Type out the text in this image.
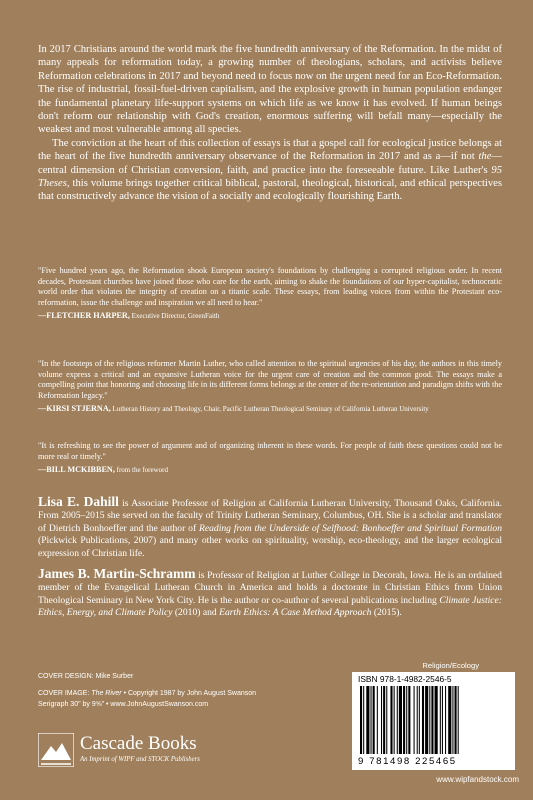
In 2017 Christians around the world mark the five hundredth anniversary of the Reformation. In the midst of many appeals for reformation today, a growing number of theologians, scholars, and activists believe Reformation celebrations in 2017 and beyond need to focus now on the urgent need for an Eco-Reformation. The rise of industrial, fossil-fuel-driven capitalism, and the explosive growth in human population endanger the fundamental planetary life-support systems on which life as we know it has evolved. If human beings don't reform our relationship with God's creation, enormous suffering will befall many—especially the weakest and most vulnerable among all species.

The conviction at the heart of this collection of essays is that a gospel call for ecological justice belongs at the heart of the five hundredth anniversary observance of the Reformation in 2017 and as a—if not the—central dimension of Christian conversion, faith, and practice into the foreseeable future. Like Luther's 95 Theses, this volume brings together critical biblical, pastoral, theological, historical, and ethical perspectives that constructively advance the vision of a socially and ecologically flourishing Earth.

"Five hundred years ago, the Reformation shook European society's foundations by challenging a corrupted religious order. In recent decades, Protestant churches have joined those who care for the earth, aiming to shake the foundations of our hyper-capitalist, technocratic world order that violates the integrity of creation on a titanic scale. These essays, from leading voices from within the Protestant eco-reformation, issue the challenge and inspiration we all need to hear."

—FLETCHER HARPER, Executive Director, GreenFaith

"In the footsteps of the religious reformer Martin Luther, who called attention to the spiritual urgencies of his day, the authors in this timely volume express a critical and an expansive Lutheran voice for the urgent care of creation and the common good. The essays make a compelling point that honoring and choosing life in its different forms belongs at the center of the re-orientation and paradigm shifts with the Reformation legacy."

—KIRSI STJERNA, Lutheran History and Theology, Chair, Pacific Lutheran Theological Seminary of California Lutheran University

"It is refreshing to see the power of argument and of organizing inherent in these words. For people of faith these questions could not be more real or timely."

—BILL MCKIBBEN, from the foreword

Lisa E. Dahill is Associate Professor of Religion at California Lutheran University, Thousand Oaks, California. From 2005–2015 she served on the faculty of Trinity Lutheran Seminary, Columbus, OH. She is a scholar and translator of Dietrich Bonhoeffer and the author of Reading from the Underside of Selfhood: Bonhoeffer and Spiritual Formation (Pickwick Publications, 2007) and many other works on spirituality, worship, eco-theology, and the larger ecological expression of Christian life.
James B. Martin-Schramm is Professor of Religion at Luther College in Decorah, Iowa. He is an ordained member of the Evangelical Lutheran Church in America and holds a doctorate in Christian Ethics from Union Theological Seminary in New York City. He is the author or co-author of several publications including Climate Justice: Ethics, Energy, and Climate Policy (2010) and Earth Ethics: A Case Method Approach (2015).
Religion/Ecology
COVER DESIGN: Mike Surber
COVER IMAGE: The River • Copyright 1987 by John August Swanson
Serigraph 30" by 9⅝" • www.JohnAugustSwanson.com
Cascade Books
An Imprint of WIPF and STOCK Publishers
ISBN 978-1-4982-2546-5
9 781498 225465
www.wipfandstock.com
